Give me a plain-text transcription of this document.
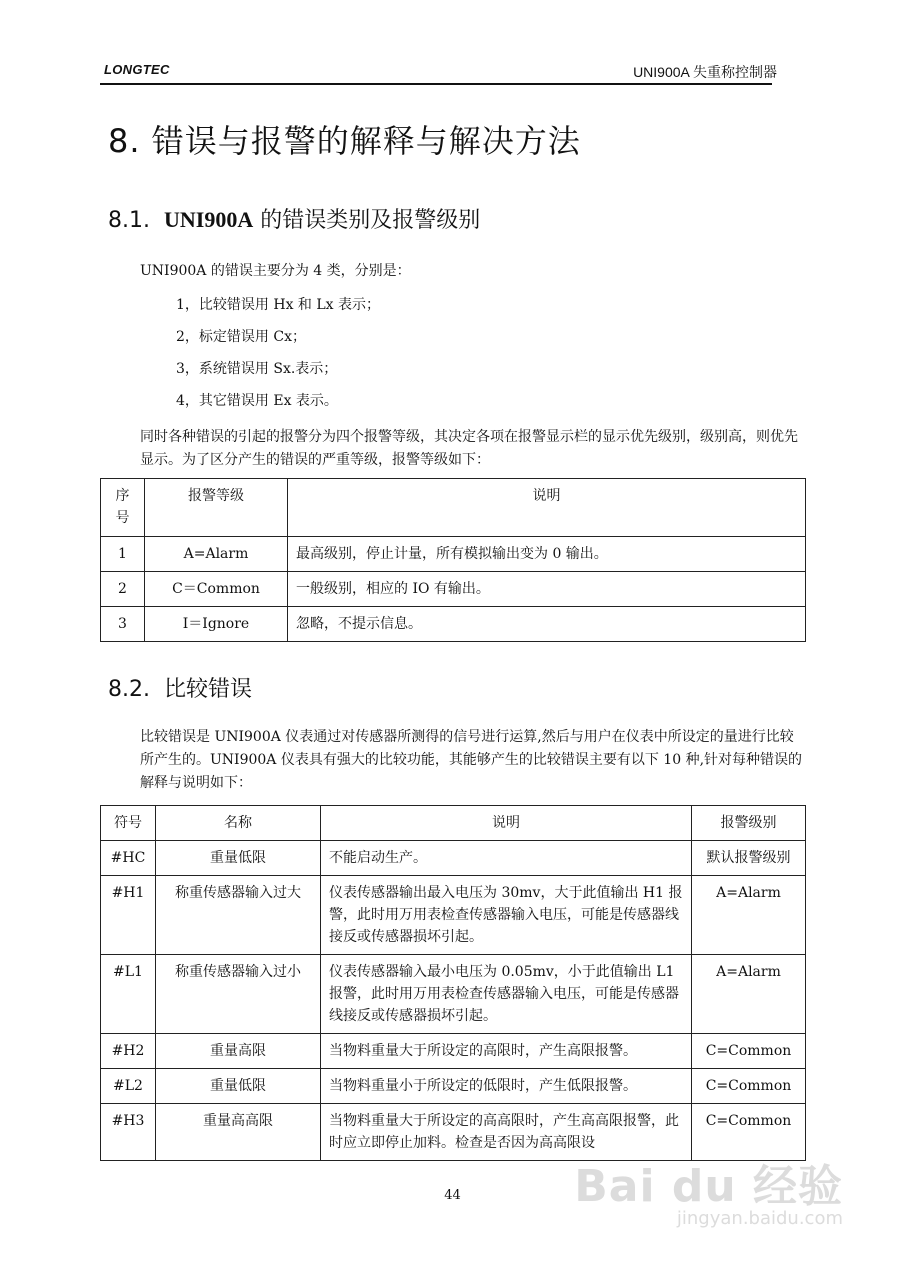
LONGTEC	UNI900A 失重称控制器
8. 错误与报警的解释与解决方法
8.1. UNI900A 的错误类别及报警级别
UNI900A 的错误主要分为 4 类，分别是：
1，比较错误用 Hx 和 Lx 表示；
2，标定错误用 Cx；
3，系统错误用 Sx.表示；
4，其它错误用 Ex 表示。
同时各种错误的引起的报警分为四个报警等级，其决定各项在报警显示栏的显示优先级别，级别高，则优先显示。为了区分产生的错误的严重等级，报警等级如下：
序号	报警等级	说明
1	A=Alarm	最高级别，停止计量，所有模拟输出变为 0 输出。
2	C＝Common	一般级别，相应的 IO 有输出。
3	I＝Ignore	忽略，不提示信息。
8.2. 比较错误
比较错误是 UNI900A 仪表通过对传感器所测得的信号进行运算,然后与用户在仪表中所设定的量进行比较所产生的。UNI900A 仪表具有强大的比较功能，其能够产生的比较错误主要有以下 10 种,针对每种错误的解释与说明如下：
符号	名称	说明	报警级别
#HC	重量低限	不能启动生产。	默认报警级别
#H1	称重传感器输入过大	仪表传感器输出最入电压为 30mv，大于此值输出 H1 报警，此时用万用表检查传感器输入电压，可能是传感器线接反或传感器损坏引起。	A=Alarm
#L1	称重传感器输入过小	仪表传感器输入最小电压为 0.05mv，小于此值输出 L1 报警，此时用万用表检查传感器输入电压，可能是传感器线接反或传感器损坏引起。	A=Alarm
#H2	重量高限	当物料重量大于所设定的高限时，产生高限报警。	C=Common
#L2	重量低限	当物料重量小于所设定的低限时，产生低限报警。	C=Common
#H3	重量高高限	当物料重量大于所设定的高高限时，产生高高限报警，此时应立即停止加料。检查是否因为高高限设	C=Common
44	Bai du 经验
jingyan.baidu.com
